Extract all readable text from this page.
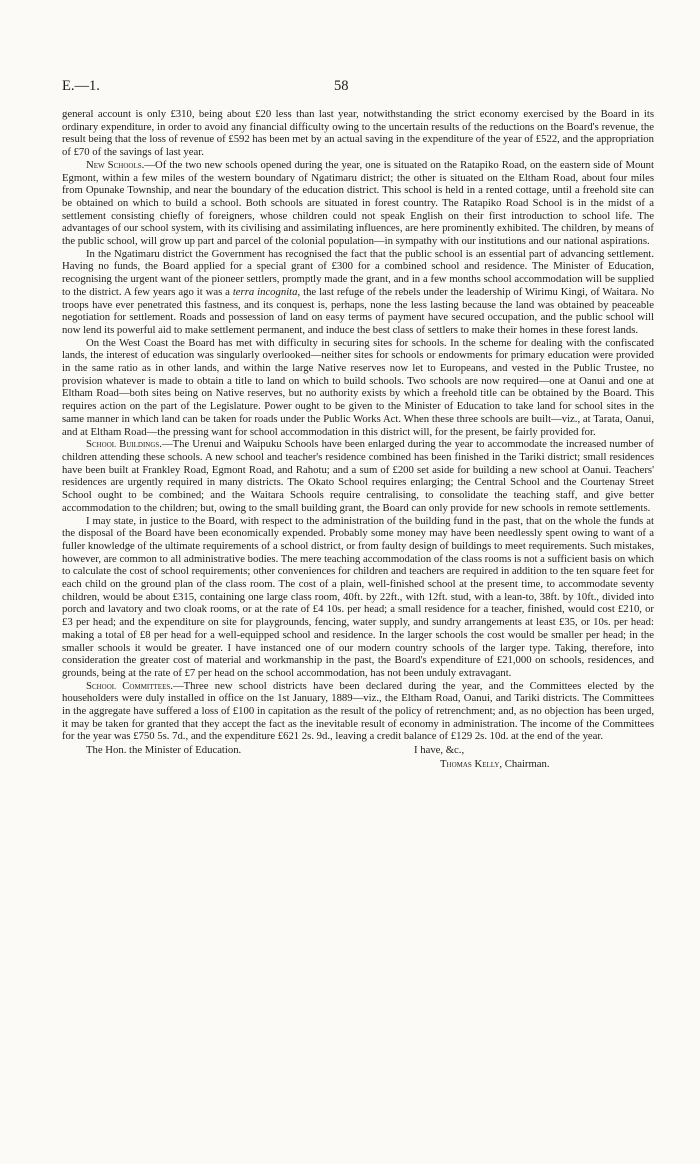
E.—1.	58

general account is only £310, being about £20 less than last year, notwithstanding the strict economy exercised by the Board in its ordinary expenditure, in order to avoid any financial difficulty owing to the uncertain results of the reductions on the Board's revenue, the result being that the loss of revenue of £592 has been met by an actual saving in the expenditure of the year of £522, and the appropriation of £70 of the savings of last year.

New Schools.—Of the two new schools opened during the year, one is situated on the Ratapiko Road, on the eastern side of Mount Egmont, within a few miles of the western boundary of Ngatimaru district; the other is situated on the Eltham Road, about four miles from Opunake Township, and near the boundary of the education district. This school is held in a rented cottage, until a freehold site can be obtained on which to build a school. Both schools are situated in forest country. The Ratapiko Road School is in the midst of a settlement consisting chiefly of foreigners, whose children could not speak English on their first introduction to school life. The advantages of our school system, with its civilising and assimilating influences, are here prominently exhibited. The children, by means of the public school, will grow up part and parcel of the colonial population—in sympathy with our institutions and our national aspirations.

In the Ngatimaru district the Government has recognised the fact that the public school is an essential part of advancing settlement. Having no funds, the Board applied for a special grant of £300 for a combined school and residence. The Minister of Education, recognising the urgent want of the pioneer settlers, promptly made the grant, and in a few months school accommodation will be supplied to the district. A few years ago it was a terra incognita, the last refuge of the rebels under the leadership of Wirimu Kingi, of Waitara. No troops have ever penetrated this fastness, and its conquest is, perhaps, none the less lasting because the land was obtained by peaceable negotiation for settlement. Roads and possession of land on easy terms of payment have secured occupation, and the public school will now lend its powerful aid to make settlement permanent, and induce the best class of settlers to make their homes in these forest lands.

On the West Coast the Board has met with difficulty in securing sites for schools. In the scheme for dealing with the confiscated lands, the interest of education was singularly overlooked—neither sites for schools or endowments for primary education were provided in the same ratio as in other lands, and within the large Native reserves now let to Europeans, and vested in the Public Trustee, no provision whatever is made to obtain a title to land on which to build schools. Two schools are now required—one at Oanui and one at Eltham Road—both sites being on Native reserves, but no authority exists by which a freehold title can be obtained by the Board. This requires action on the part of the Legislature. Power ought to be given to the Minister of Education to take land for school sites in the same manner in which land can be taken for roads under the Public Works Act. When these three schools are built—viz., at Tarata, Oanui, and at Eltham Road—the pressing want for school accommodation in this district will, for the present, be fairly provided for.

School Buildings.—The Urenui and Waipuku Schools have been enlarged during the year to accommodate the increased number of children attending these schools. A new school and teacher's residence combined has been finished in the Tariki district; small residences have been built at Frankley Road, Egmont Road, and Rahotu; and a sum of £200 set aside for building a new school at Oanui. Teachers' residences are urgently required in many districts. The Okato School requires enlarging; the Central School and the Courtenay Street School ought to be combined; and the Waitara Schools require centralising, to consolidate the teaching staff, and give better accommodation to the children; but, owing to the small building grant, the Board can only provide for new schools in remote settlements.

I may state, in justice to the Board, with respect to the administration of the building fund in the past, that on the whole the funds at the disposal of the Board have been economically expended. Probably some money may have been needlessly spent owing to want of a fuller knowledge of the ultimate requirements of a school district, or from faulty design of buildings to meet requirements. Such mistakes, however, are common to all administrative bodies. The mere teaching accommodation of the class rooms is not a sufficient basis on which to calculate the cost of school requirements; other conveniences for children and teachers are required in addition to the ten square feet for each child on the ground plan of the class room. The cost of a plain, well-finished school at the present time, to accommodate seventy children, would be about £315, containing one large class room, 40ft. by 22ft., with 12ft. stud, with a lean-to, 38ft. by 10ft., divided into porch and lavatory and two cloak rooms, or at the rate of £4 10s. per head; a small residence for a teacher, finished, would cost £210, or £3 per head; and the expenditure on site for playgrounds, fencing, water supply, and sundry arrangements at least £35, or 10s. per head: making a total of £8 per head for a well-equipped school and residence. In the larger schools the cost would be smaller per head; in the smaller schools it would be greater. I have instanced one of our modern country schools of the larger type. Taking, therefore, into consideration the greater cost of material and workmanship in the past, the Board's expenditure of £21,000 on schools, residences, and grounds, being at the rate of £7 per head on the school accommodation, has not been unduly extravagant.

School Committees.—Three new school districts have been declared during the year, and the Committees elected by the householders were duly installed in office on the 1st January, 1889—viz., the Eltham Road, Oanui, and Tariki districts. The Committees in the aggregate have suffered a loss of £100 in capitation as the result of the policy of retrenchment; and, as no objection has been urged, it may be taken for granted that they accept the fact as the inevitable result of economy in administration. The income of the Committees for the year was £750 5s. 7d., and the expenditure £621 2s. 9d., leaving a credit balance of £129 2s. 10d. at the end of the year.

The Hon. the Minister of Education.	I have, &c.,
Thomas Kelly, Chairman.
